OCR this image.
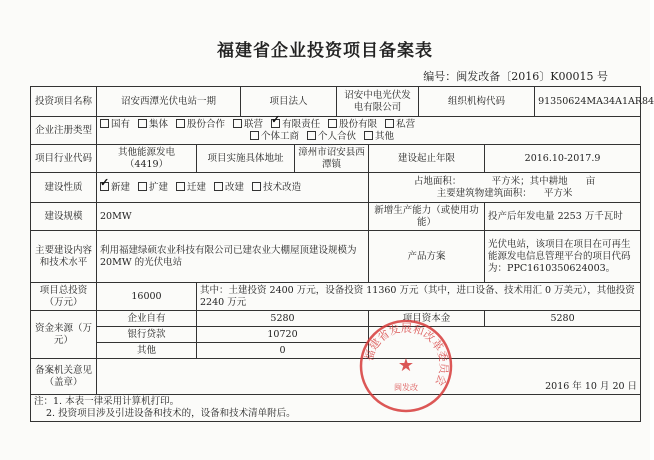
福建省企业投资项目备案表
编号：闽发改备〔2016〕K00015 号
投资项目名称	诏安西潭光伏电站一期		项目法人		诏安中电光伏发电有限公司		组织机构代码		91350624MA34A1AR84
企业注册类型	国有 集体 股份合作 联营 ✓ 有限责任 股份有限 私营
个体工商 个人合伙 其他
项目行业代码	其他能源发电（4419）	项目实施具体地址		漳州市诏安县西潭镇		建设起止年限		2016.10-2017.9	
建设性质	✓新建 扩建 迁建 改建 技术改造					占地面积：          平方米；其中耕地      亩
主要建筑物建筑面积：    平方米			

建设规模	20MW					新增生产能力（或使用功能）		投产后年发电量 2253 万千瓦时	
主要建设内容和技术水平	利用福建绿硕农业科技有限公司已建农业大棚屋顶建设规模为 20MW 的光伏电站					产品方案		光伏电站，该项目在项目在可再生能源发电信息管理平台的项目代码为：PPC1610350624003。	
项目总投资（万元）	16000	其中：土建投资 2400 万元，设备投资 11360 万元（其中，进口设备、技术用汇 0 万美元），其他投资 2240 万元							
资金来源（万元）	企业自有	5280				项目资本金		5280	
	银行贷款	10720							
	其他	0							
备案机关意见（盖章）	2016 年 10 月 20 日								

注：1. 本表一律采用计算机打印。
2. 投资项目涉及引进设备和技术的，设备和技术清单附后。									
福建省发展和改革委员会
★
闽发改
